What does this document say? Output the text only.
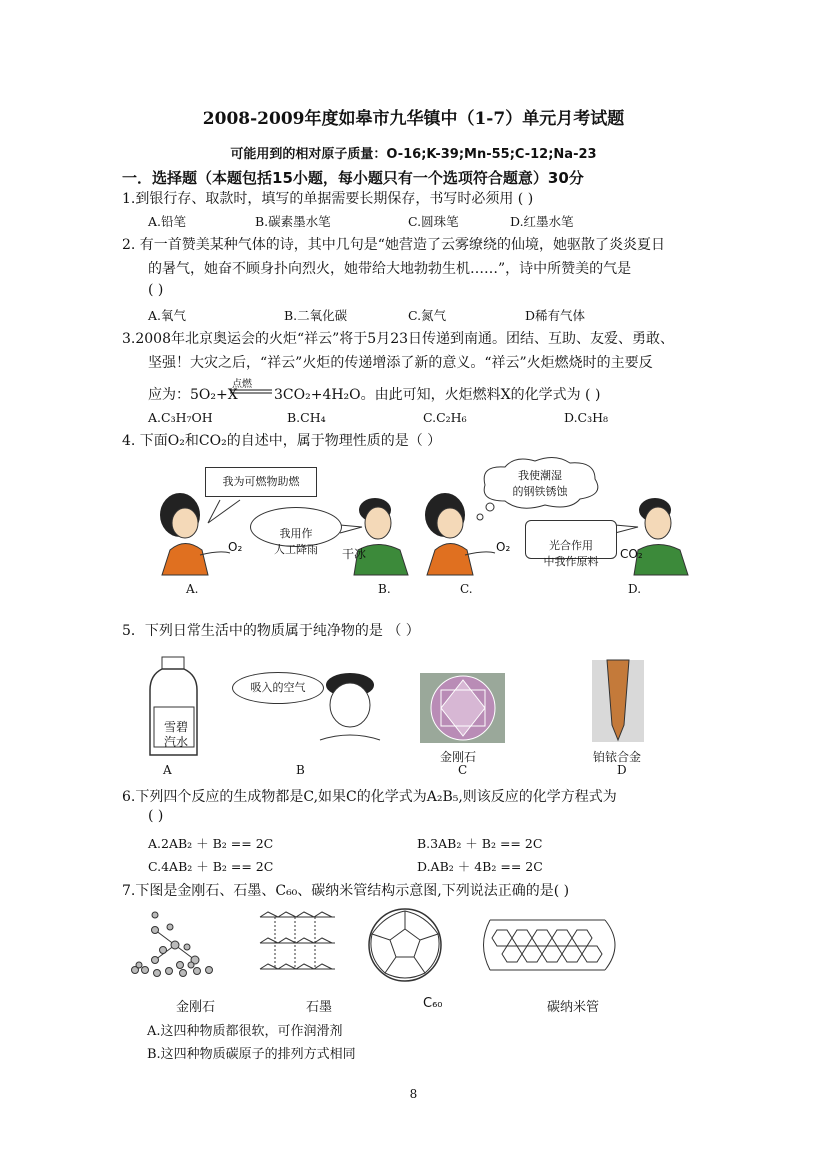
2008-2009年度如皋市九华镇中（1-7）单元月考试题
可能用到的相对原子质量：O-16;K-39;Mn-55;C-12;Na-23
一．选择题（本题包括15小题，每小题只有一个选项符合题意）30分
1.到银行存、取款时，填写的单据需要长期保存，书写时必须用 ( )
A.铅笔	B.碳素墨水笔	C.圆珠笔	D.红墨水笔
2. 有一首赞美某种气体的诗，其中几句是“她营造了云雾缭绕的仙境，她驱散了炎炎夏日
的暑气，她奋不顾身扑向烈火，她带给大地勃勃生机……”，诗中所赞美的气是
( )
A.氧气	B.二氧化碳	C.氮气	D稀有气体
3.2008年北京奥运会的火炬“祥云”将于5月23日传递到南通。团结、互助、友爱、勇敢、
坚强！大灾之后，“祥云”火炬的传递增添了新的意义。“祥云”火炬燃烧时的主要反
应为：5O₂+X
点燃
3CO₂+4H₂O。由此可知，火炬燃料X的化学式为 ( )
A.C₃H₇OH	B.CH₄	C.C₂H₆	D.C₃H₈
4. 下面O₂和CO₂的自述中，属于物理性质的是（ ）
我为可燃物助燃

我用作
人工降雨

我使潮湿
的钢铁锈蚀

光合作用
中我作原料

O₂	干冰	O₂	CO₂
A.	B.	C.	D.
5．下列日常生活中的物质属于纯净物的是 （ ）
雪碧
汽水
吸入的空气
金刚石	铂铱合金
A	B	C	D
6.下列四个反应的生成物都是C,如果C的化学式为A₂B₅,则该反应的化学方程式为
( )
A.2AB₂ ＋ B₂ == 2C	B.3AB₂ ＋ B₂ == 2C
C.4AB₂ ＋ B₂ == 2C	D.AB₂ ＋ 4B₂ == 2C
7.下图是金刚石、石墨、C₆₀、碳纳米管结构示意图,下列说法正确的是( )
金刚石	石墨	C₆₀	碳纳米管
A.这四种物质都很软，可作润滑剂
B.这四种物质碳原子的排列方式相同
8
